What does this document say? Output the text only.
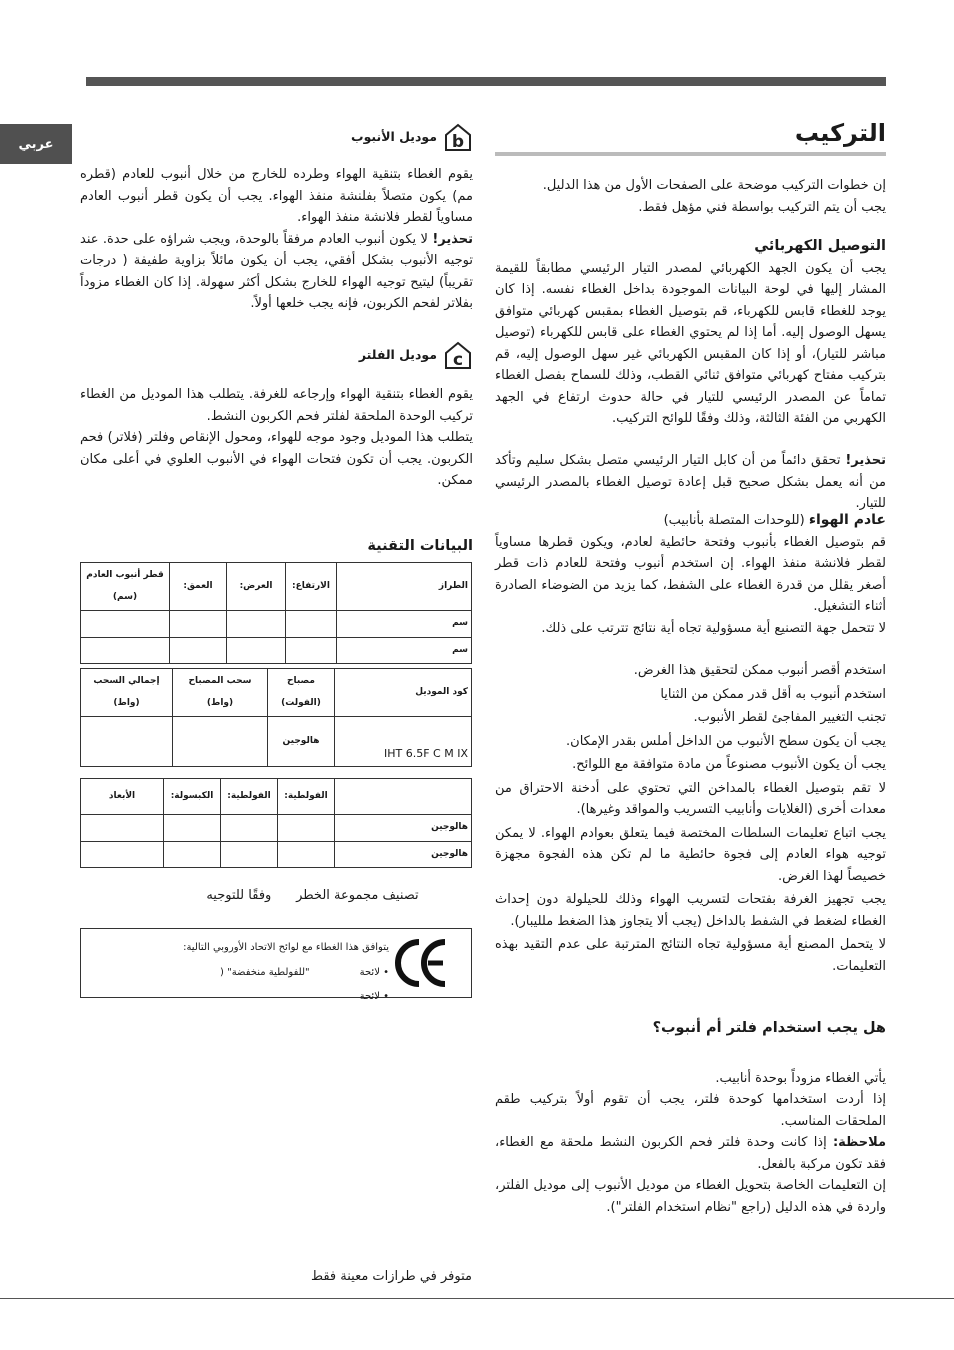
عربي	التركيب
إن خطوات التركيب موضحة على الصفحات الأول من هذا الدليل.
يجب أن يتم التركيب بواسطة فني مؤهل فقط.
التوصيل الكهربائي

يجب أن يكون الجهد الكهربائي لمصدر التيار الرئيسي مطابقاً للقيمة المشار إليها في لوحة البيانات الموجودة بداخل الغطاء نفسه. إذا كان يوجد للغطاء قابس للكهرباء، قم بتوصيل الغطاء بمقبس كهربائي متوافق يسهل الوصول إليه. أما إذا لم يحتوي الغطاء على قابس للكهرباء (توصيل مباشر للتيار)، أو إذا كان المقبس الكهربائي غير سهل الوصول إليه، قم بتركيب مفتاح كهربائي متوافق ثنائي القطب، وذلك للسماح بفصل الغطاء تماماً عن المصدر الرئيسي للتيار في حالة حدوث ارتفاع في الجهد الكهربي من الفئة الثالثة، وذلك وفقًا للوائح التركيب.

تحذير! تحقق دائماً من أن كابل التيار الرئيسي متصل بشكل سليم وتأكد من أنه يعمل بشكل صحيح قبل إعادة توصيل الغطاء بالمصدر الرئيسي للتيار.

عادم الهواء (للوحدات المتصلة بأنابيب)

قم بتوصيل الغطاء بأنبوب وفتحة حائطية لعادم، ويكون قطرها مساوياً لقطر فلانشة منفذ الهواء. إن استخدم أنبوب وفتحة للعادم ذات قطر أصغر يقلل من قدرة الغطاء على الشفط، كما يزيد من الضوضاء الصادرة أثناء التشغيل.
لا تتحمل جهة التصنيع أية مسؤولية تجاه أية نتائج تترتب على ذلك.

استخدم أقصر أنبوب ممكن لتحقيق هذا الغرض.

استخدم أنبوب به أقل قدر ممكن من الثنايا

تجنب التغيير المفاجئ لقطر الأنبوب.

يجب أن يكون سطح الأنبوب من الداخل أملس بقدر الإمكان.

يجب أن يكون الأنبوب مصنوعاً من مادة متوافقة مع اللوائح.

لا تقم بتوصيل الغطاء بالمداخن التي تحتوي على أدخنة الاحتراق من معدات أخرى (الغلايات وأنابيب التسريب والمواقد وغيرها).

يجب اتباع تعليمات السلطات المختصة فيما يتعلق بعوادم الهواء. لا يمكن توجيه هواء العادم إلى فجوة حائطية ما لم تكن هذه الفجوة مجهزة خصيصاً لهذا الغرض.

يجب تجهيز الغرفة بفتحات لتسريب الهواء وذلك للحيلولة دون إحداث الغطاء لضغط في الشفط بالداخل (يجب ألا يتجاوز هذا الضغط ملليبار).

لا يتحمل المصنع أية مسؤولية تجاه النتائج المترتبة على عدم التقيد بهذه التعليمات.

هل يجب استخدام فلتر أم أنبوب؟

يأتي الغطاء مزوداً بوحدة أنابيب.

إذا أردت استخدامها كوحدة فلتر، يجب أن تقوم أولاً بتركيب طقم الملحقات المناسب.

ملاحظة: إذا كانت وحدة فلتر فحم الكربون النشط ملحقة مع الغطاء، فقد تكون مركبة بالفعل.

إن التعليمات الخاصة بتحويل الغطاء من موديل الأنبوب إلى موديل الفلتر، واردة في هذه الدليل (راجع "نظام استخدام الفلتر").

b
موديل الأنبوب

يقوم الغطاء بتنقية الهواء وطرده للخارج من خلال أنبوب للعادم (قطره مم) يكون متصلاً بفلنشة منفذ الهواء. يجب أن يكون قطر أنبوب العادم مساوياً لقطر فلانشة منفذ الهواء.

تحذير! لا يكون أنبوب العادم مرفقاً بالوحدة، ويجب شراؤه على حدة. عند توجيه الأنبوب بشكل أفقي، يجب أن يكون مائلاً بزاوية طفيفة ( درجات تقريباً) ليتيح توجيه الهواء للخارج بشكل أكثر سهولة. إذا كان الغطاء مزوداً بفلاتر لفحم الكربون، فإنه يجب خلعها أولاً.

c
موديل الفلتر

يقوم الغطاء بتنقية الهواء وإرجاعه للغرفة. يتطلب هذا الموديل من الغطاء تركيب الوحدة الملحقة لفلتر فحم الكربون النشط.

يتطلب هذا الموديل وجود موجه للهواء، ومحول الإنقاص وفلتر (فلاتر) فحم الكربون. يجب أن تكون فتحات الهواء في الأنبوب العلوي في أعلى مكان ممكن.

البيانات التقنية
الطراز	الارتفاع:	العرض:	العمق:	قطر أنبوب العادم (سم)
سم				
سم				
كود الموديل	مصباح (الفولت)	سحب المصباح (واط)	إجمالي السحب (واط)
IHT 6.5F C M IX	هالوجين		
	الفولطية:	الفولطية:	الكبسولة:	الأبعاد
هالوجين				
هالوجين				
تصنيف مجموعة الخطر      وفقًا للتوجيه
يتوافق هذا الغطاء مع لوائح الاتحاد الأوروبي التالية:
• لائحة
"للفولطية منخفضة" (
• لائحة
متوفر في طرازات معينة فقط
